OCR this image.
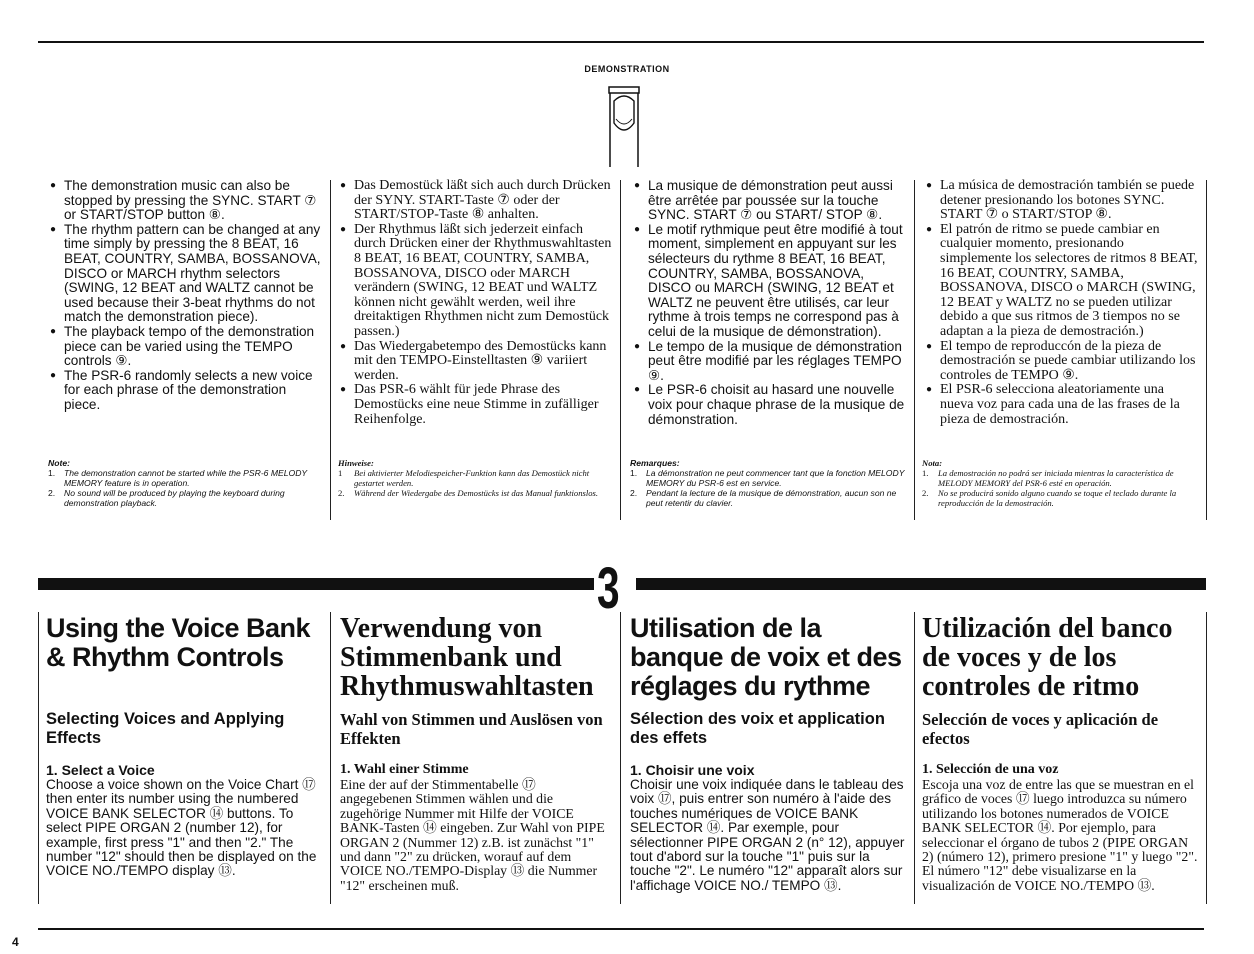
DEMONSTRATION
● The demonstration music can also be stopped by pressing the SYNC. START ⑦ or START/STOP button ⑧.
● The rhythm pattern can be changed at any time simply by pressing the 8 BEAT, 16 BEAT, COUNTRY, SAMBA, BOSSANOVA, DISCO or MARCH rhythm selectors (SWING, 12 BEAT and WALTZ cannot be used because their 3-beat rhythms do not match the demonstration piece).
● The playback tempo of the demonstration piece can be varied using the TEMPO controls ⑨.
● The PSR-6 randomly selects a new voice for each phrase of the demonstration piece.
Note:
1. The demonstration cannot be started while the PSR-6 MELODY MEMORY feature is in operation.
2. No sound will be produced by playing the keyboard during demonstration playback.
● Das Demostück läßt sich auch durch Drücken der SYNY. START-Taste ⑦ oder der START/STOP-Taste ⑧ anhalten.
● Der Rhythmus läßt sich jederzeit einfach durch Drücken einer der Rhythmuswahltasten 8 BEAT, 16 BEAT, COUNTRY, SAMBA, BOSSANOVA, DISCO oder MARCH verändern (SWING, 12 BEAT und WALTZ können nicht gewählt werden, weil ihre dreitaktigen Rhythmen nicht zum Demostück passen.)
● Das Wiedergabetempo des Demostücks kann mit den TEMPO-Einstelltasten ⑨ variiert werden.
● Das PSR-6 wählt für jede Phrase des Demostücks eine neue Stimme in zufälliger Reihenfolge.
Hinweise:
1 Bei aktivierter Melodiespeicher-Funktion kann das Demostück nicht gestartet werden.
2. Während der Wiedergabe des Demostücks ist das Manual funktionslos.
● La musique de démonstration peut aussi être arrêtée par poussée sur la touche SYNC. START ⑦ ou START/ STOP ⑧.
● Le motif rythmique peut être modifié à tout moment, simplement en appuyant sur les sélecteurs du rythme 8 BEAT, 16 BEAT, COUNTRY, SAMBA, BOSSANOVA, DISCO ou MARCH (SWING, 12 BEAT et WALTZ ne peuvent être utilisés, car leur rythme à trois temps ne correspond pas à celui de la musique de démonstration).
● Le tempo de la musique de démonstration peut être modifié par les réglages TEMPO ⑨.
● Le PSR-6 choisit au hasard une nouvelle voix pour chaque phrase de la musique de démonstration.
Remarques:
1. La démonstration ne peut commencer tant que la fonction MELODY MEMORY du PSR-6 est en service.
2. Pendant la lecture de la musique de démonstration, aucun son ne peut retentir du clavier.
● La música de demostración también se puede detener presionando los botones SYNC. START ⑦ o START/STOP ⑧.
● El patrón de ritmo se puede cambiar en cualquier momento, presionando simplemente los selectores de ritmos 8 BEAT, 16 BEAT, COUNTRY, SAMBA, BOSSANOVA, DISCO o MARCH (SWING, 12 BEAT y WALTZ no se pueden utilizar debido a que sus ritmos de 3 tiempos no se adaptan a la pieza de demostración.)
● El tempo de reproduccón de la pieza de demostración se puede cambiar utilizando los controles de TEMPO ⑨.
● El PSR-6 selecciona aleatoriamente una nueva voz para cada una de las frases de la pieza de demostración.
Nota:
1. La demostración no podrá ser iniciada mientras la característica de MELODY MEMORY del PSR-6 esté en operación.
2. No se producirá sonido alguno cuando se toque el teclado durante la reproducción de la demostración.
3
Using the Voice Bank & Rhythm Controls
Selecting Voices and Applying Effects
1. Select a Voice
Choose a voice shown on the Voice Chart ⑰ then enter its number using the numbered VOICE BANK SELECTOR ⑭ buttons. To select PIPE ORGAN 2 (number 12), for example, first press "1" and then "2." The number "12" should then be displayed on the VOICE NO./TEMPO display ⑬.
Verwendung von Stimmenbank und Rhythmuswahltasten
Wahl von Stimmen und Auslösen von Effekten
1. Wahl einer Stimme
Eine der auf der Stimmentabelle ⑰ angegebenen Stimmen wählen und die zugehörige Nummer mit Hilfe der VOICE BANK-Tasten ⑭ eingeben. Zur Wahl von PIPE ORGAN 2 (Nummer 12) z.B. ist zunächst "1" und dann "2" zu drücken, worauf auf dem VOICE NO./TEMPO-Display ⑬ die Nummer "12" erscheinen muß.
Utilisation de la banque de voix et des réglages du rythme
Sélection des voix et application des effets
1. Choisir une voix
Choisir une voix indiquée dans le tableau des voix ⑰, puis entrer son numéro à l'aide des touches numériques de VOICE BANK SELECTOR ⑭. Par exemple, pour sélectionner PIPE ORGAN 2 (n° 12), appuyer tout d'abord sur la touche "1" puis sur la touche "2". Le numéro "12" apparaît alors sur l'affichage VOICE NO./ TEMPO ⑬.
Utilización del banco de voces y de los controles de ritmo
Selección de voces y aplicación de efectos
1. Selección de una voz
Escoja una voz de entre las que se muestran en el gráfico de voces ⑰ luego introduzca su número utilizando los botones numerados de VOICE BANK SELECTOR ⑭. Por ejemplo, para seleccionar el órgano de tubos 2 (PIPE ORGAN 2) (número 12), primero presione "1" y luego "2". El número "12" debe visualizarse en la visualización de VOICE NO./TEMPO ⑬.
4
